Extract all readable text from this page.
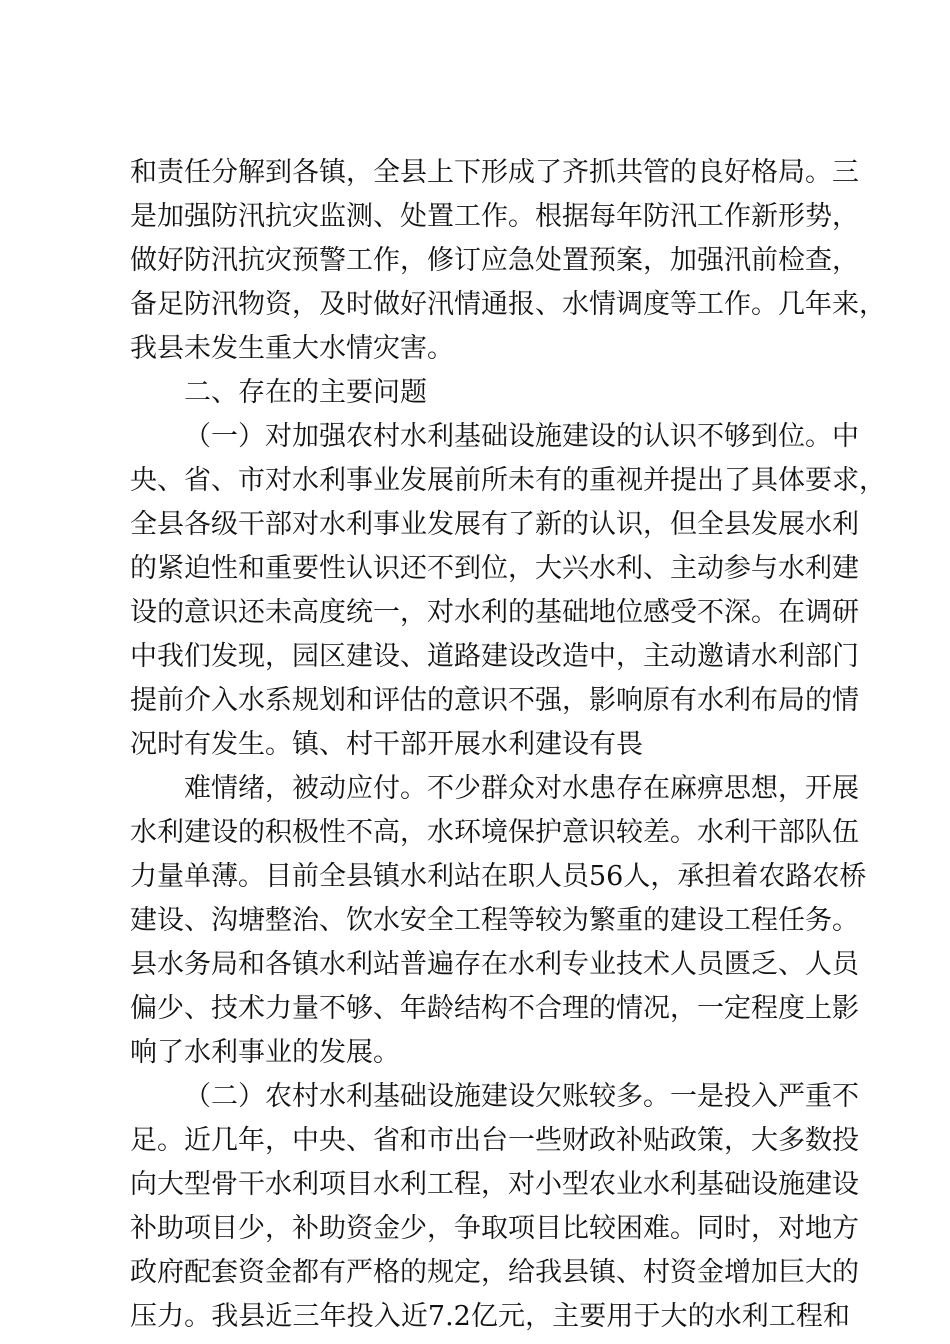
和责任分解到各镇，全县上下形成了齐抓共管的良好格局。三
是加强防汛抗灾监测、处置工作。根据每年防汛工作新形势，
做好防汛抗灾预警工作，修订应急处置预案，加强汛前检查，
备足防汛物资，及时做好汛情通报、水情调度等工作。几年来，
我县未发生重大水情灾害。
二、存在的主要问题
（一）对加强农村水利基础设施建设的认识不够到位。中
央、省、市对水利事业发展前所未有的重视并提出了具体要求，
全县各级干部对水利事业发展有了新的认识，但全县发展水利
的紧迫性和重要性认识还不到位，大兴水利、主动参与水利建
设的意识还未高度统一，对水利的基础地位感受不深。在调研
中我们发现，园区建设、道路建设改造中，主动邀请水利部门
提前介入水系规划和评估的意识不强，影响原有水利布局的情
况时有发生。镇、村干部开展水利建设有畏
难情绪，被动应付。不少群众对水患存在麻痹思想，开展
水利建设的积极性不高，水环境保护意识较差。水利干部队伍
力量单薄。目前全县镇水利站在职人员56人，承担着农路农桥
建设、沟塘整治、饮水安全工程等较为繁重的建设工程任务。
县水务局和各镇水利站普遍存在水利专业技术人员匮乏、人员
偏少、技术力量不够、年龄结构不合理的情况，一定程度上影
响了水利事业的发展。
（二）农村水利基础设施建设欠账较多。一是投入严重不
足。近几年，中央、省和市出台一些财政补贴政策，大多数投
向大型骨干水利项目水利工程，对小型农业水利基础设施建设
补助项目少，补助资金少，争取项目比较困难。同时，对地方
政府配套资金都有严格的规定，给我县镇、村资金增加巨大的
压力。我县近三年投入近7.2亿元，主要用于大的水利工程和
